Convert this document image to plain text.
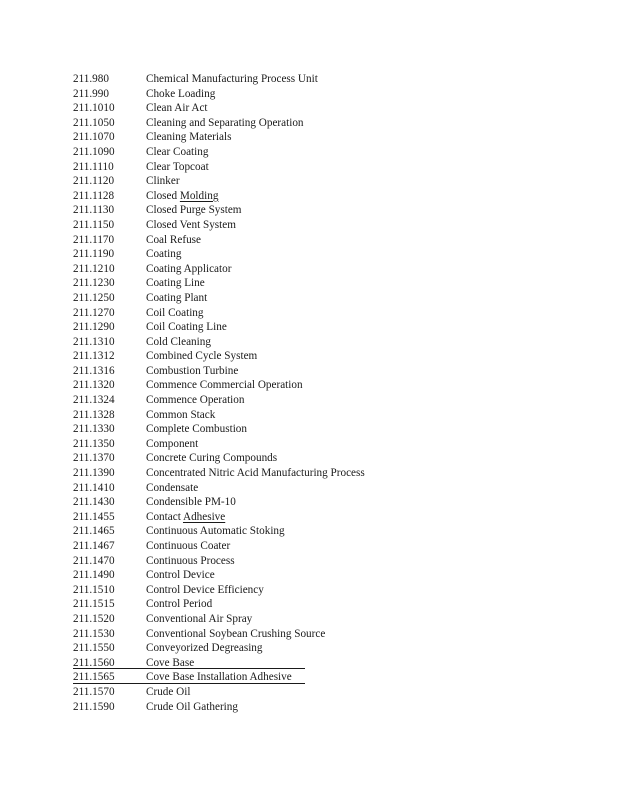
211.980	Chemical Manufacturing Process Unit
211.990	Choke Loading
211.1010	Clean Air Act
211.1050	Cleaning and Separating Operation
211.1070	Cleaning Materials
211.1090	Clear Coating
211.1110	Clear Topcoat
211.1120	Clinker
211.1128	Closed Molding
211.1130	Closed Purge System
211.1150	Closed Vent System
211.1170	Coal Refuse
211.1190	Coating
211.1210	Coating Applicator
211.1230	Coating Line
211.1250	Coating Plant
211.1270	Coil Coating
211.1290	Coil Coating Line
211.1310	Cold Cleaning
211.1312	Combined Cycle System
211.1316	Combustion Turbine
211.1320	Commence Commercial Operation
211.1324	Commence Operation
211.1328	Common Stack
211.1330	Complete Combustion
211.1350	Component
211.1370	Concrete Curing Compounds
211.1390	Concentrated Nitric Acid Manufacturing Process
211.1410	Condensate
211.1430	Condensible PM-10
211.1455	Contact Adhesive
211.1465	Continuous Automatic Stoking
211.1467	Continuous Coater
211.1470	Continuous Process
211.1490	Control Device
211.1510	Control Device Efficiency
211.1515	Control Period
211.1520	Conventional Air Spray
211.1530	Conventional Soybean Crushing Source
211.1550	Conveyorized Degreasing
211.1560	Cove Base
211.1565	Cove Base Installation Adhesive
211.1570	Crude Oil
211.1590	Crude Oil Gathering
